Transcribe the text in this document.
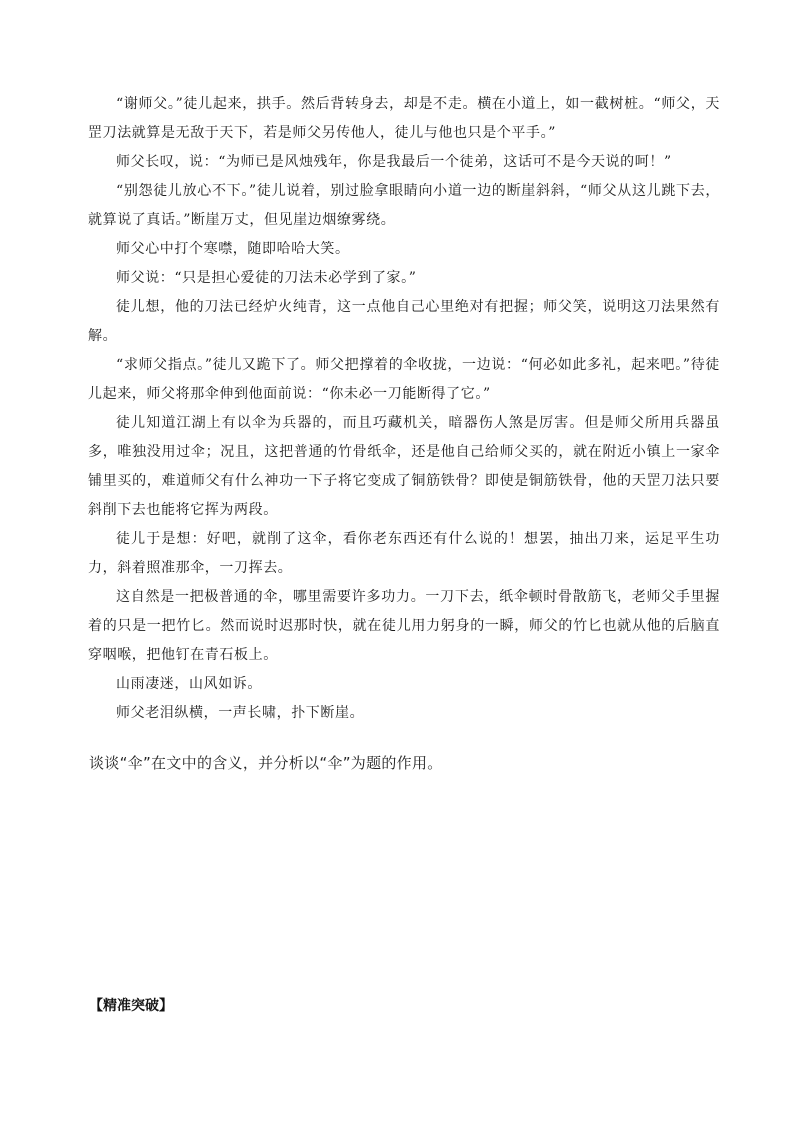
“谢师父。”徒儿起来，拱手。然后背转身去，却是不走。横在小道上，如一截树桩。“师父，天罡刀法就算是无敌于天下，若是师父另传他人，徒儿与他也只是个平手。”

师父长叹，说：“为师已是风烛残年，你是我最后一个徒弟，这话可不是今天说的呵！”

“别怨徒儿放心不下。”徒儿说着，别过脸拿眼睛向小道一边的断崖斜斜，“师父从这儿跳下去，就算说了真话。”断崖万丈，但见崖边烟缭雾绕。

师父心中打个寒噤，随即哈哈大笑。

师父说：“只是担心爱徒的刀法未必学到了家。”

徒儿想，他的刀法已经炉火纯青，这一点他自己心里绝对有把握；师父笑，说明这刀法果然有解。

“求师父指点。”徒儿又跪下了。师父把撑着的伞收拢，一边说：“何必如此多礼，起来吧。”待徒儿起来，师父将那伞伸到他面前说：“你未必一刀能断得了它。”

徒儿知道江湖上有以伞为兵器的，而且巧藏机关，暗器伤人煞是厉害。但是师父所用兵器虽多，唯独没用过伞；况且，这把普通的竹骨纸伞，还是他自己给师父买的，就在附近小镇上一家伞铺里买的，难道师父有什么神功一下子将它变成了铜筋铁骨？即使是铜筋铁骨，他的天罡刀法只要斜削下去也能将它挥为两段。

徒儿于是想：好吧，就削了这伞，看你老东西还有什么说的！想罢，抽出刀来，运足平生功力，斜着照准那伞，一刀挥去。

这自然是一把极普通的伞，哪里需要许多功力。一刀下去，纸伞顿时骨散筋飞，老师父手里握着的只是一把竹匕。然而说时迟那时快，就在徒儿用力躬身的一瞬，师父的竹匕也就从他的后脑直穿咽喉，把他钉在青石板上。

山雨凄迷，山风如诉。

师父老泪纵横，一声长啸，扑下断崖。

谈谈“伞”在文中的含义，并分析以“伞”为题的作用。

【精准突破】
